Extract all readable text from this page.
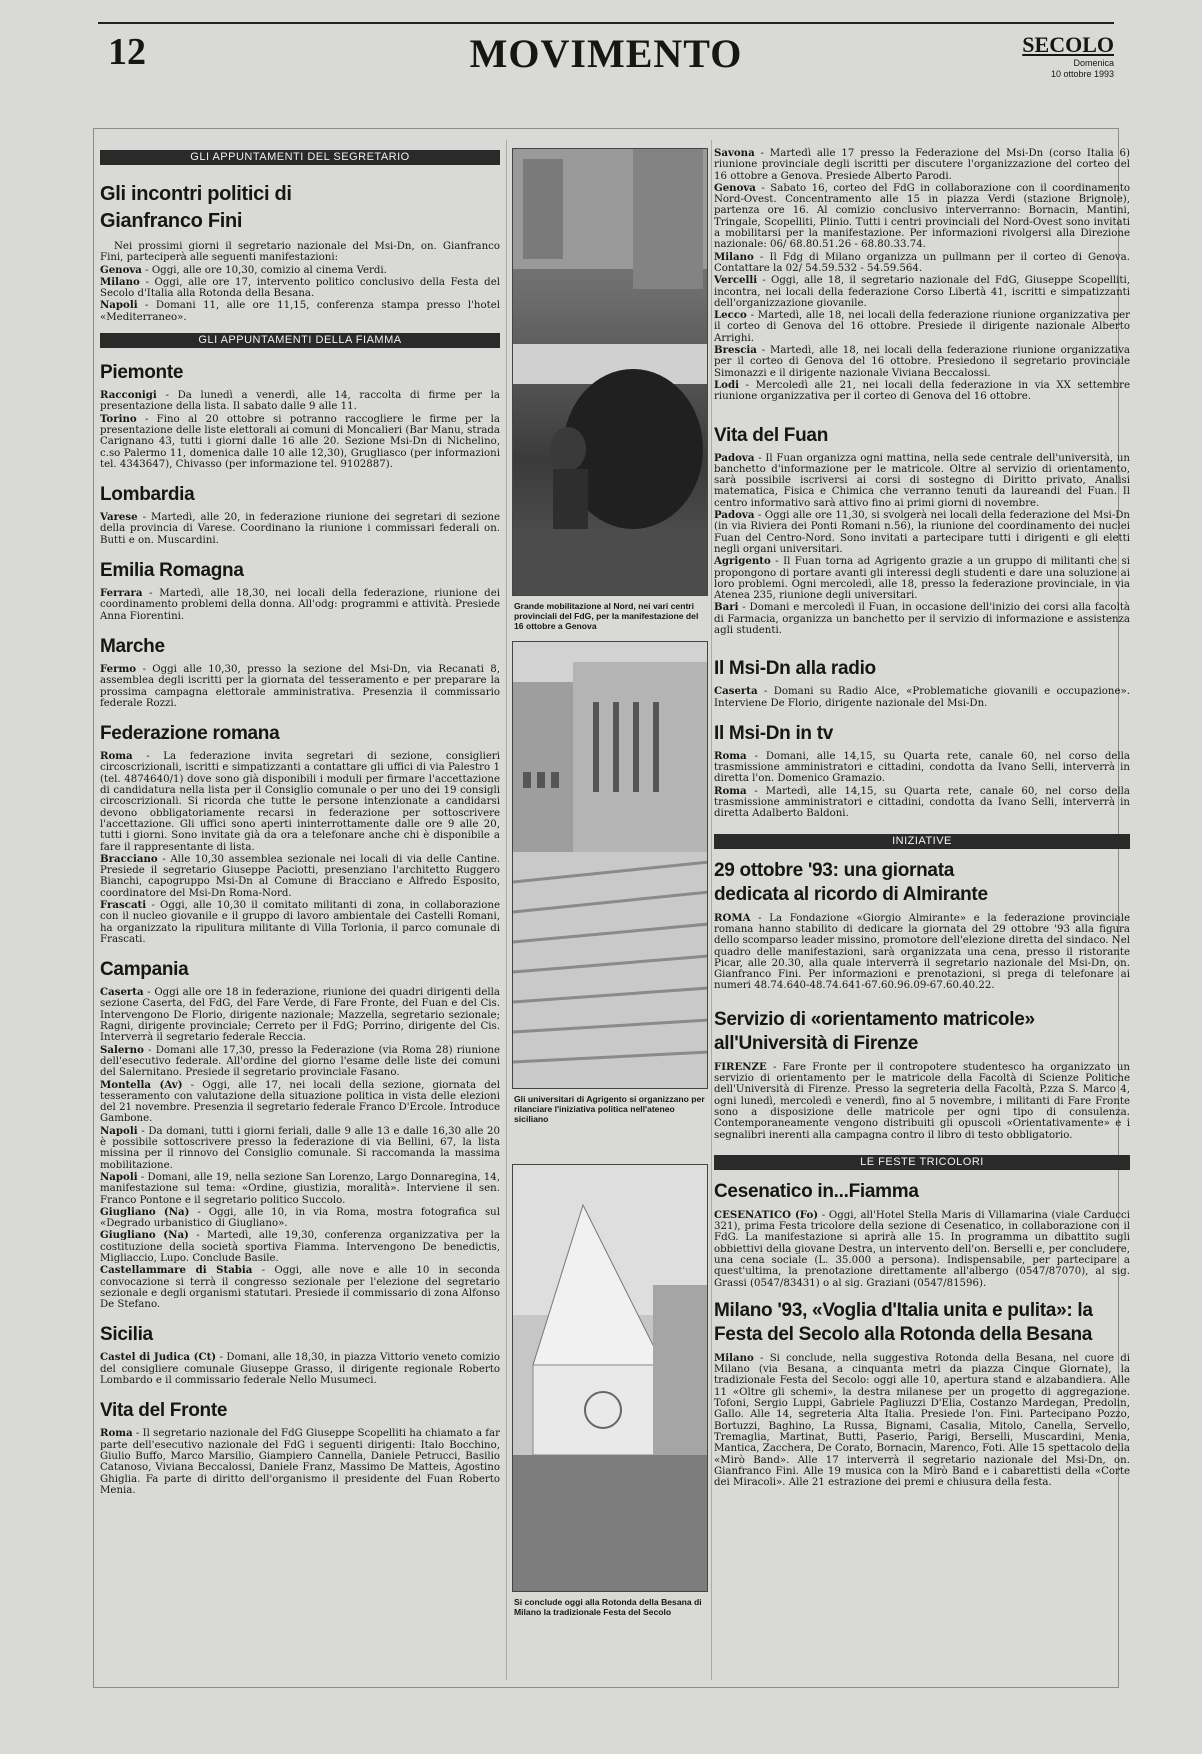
12	MOVIMENTO	SECOLO
Domenica
10 ottobre 1993
GLI APPUNTAMENTI DEL SEGRETARIO
Gli incontri politici di Gianfranco Fini

Nei prossimi giorni il segretario nazionale del Msi-Dn, on. Gianfranco Fini, parteciperà alle seguenti manifestazioni:

Genova - Oggi, alle ore 10,30, comizio al cinema Verdi.

Milano - Oggi, alle ore 17, intervento politico conclusivo della Festa del Secolo d'Italia alla Rotonda della Besana.

Napoli - Domani 11, alle ore 11,15, conferenza stampa presso l'hotel «Mediterraneo».

GLI APPUNTAMENTI DELLA FIAMMA
Piemonte

Racconigi - Da lunedì a venerdì, alle 14, raccolta di firme per la presentazione della lista. Il sabato dalle 9 alle 11.

Torino - Fino al 20 ottobre si potranno raccogliere le firme per la presentazione delle liste elettorali ai comuni di Moncalieri (Bar Manu, strada Carignano 43, tutti i giorni dalle 16 alle 20. Sezione Msi-Dn di Nichelino, c.so Palermo 11, domenica dalle 10 alle 12,30), Grugliasco (per informazioni tel. 4343647), Chivasso (per informazione tel. 9102887).

Lombardia

Varese - Martedì, alle 20, in federazione riunione dei segretari di sezione della provincia di Varese. Coordinano la riunione i commissari federali on. Butti e on. Muscardini.

Emilia Romagna

Ferrara - Martedì, alle 18,30, nei locali della federazione, riunione dei coordinamento problemi della donna. All'odg: programmi e attività. Presiede Anna Fiorentini.

Marche

Fermo - Oggi alle 10,30, presso la sezione del Msi-Dn, via Recanati 8, assemblea degli iscritti per la giornata del tesseramento e per preparare la prossima campagna elettorale amministrativa. Presenzia il commissario federale Rozzi.

Federazione romana

Roma - La federazione invita segretari di sezione, consiglieri circoscrizionali, iscritti e simpatizzanti a contattare gli uffici di via Palestro 1 (tel. 4874640/1) dove sono già disponibili i moduli per firmare l'accettazione di candidatura nella lista per il Consiglio comunale o per uno dei 19 consigli circoscrizionali. Si ricorda che tutte le persone intenzionate a candidarsi devono obbligatoriamente recarsi in federazione per sottoscrivere l'accettazione. Gli uffici sono aperti ininterrottamente dalle ore 9 alle 20, tutti i giorni. Sono invitate già da ora a telefonare anche chi è disponibile a fare il rappresentante di lista.

Bracciano - Alle 10,30 assemblea sezionale nei locali di via delle Cantine. Presiede il segretario Giuseppe Paciotti, presenziano l'architetto Ruggero Bianchi, capogruppo Msi-Dn al Comune di Bracciano e Alfredo Esposito, coordinatore del Msi-Dn Roma-Nord.

Frascati - Oggi, alle 10,30 il comitato militanti di zona, in collaborazione con il nucleo giovanile e il gruppo di lavoro ambientale dei Castelli Romani, ha organizzato la ripulitura militante di Villa Torlonia, il parco comunale di Frascati.

Campania

Caserta - Oggi alle ore 18 in federazione, riunione dei quadri dirigenti della sezione Caserta, del FdG, del Fare Verde, di Fare Fronte, del Fuan e del Cis. Intervengono De Florio, dirigente nazionale; Mazzella, segretario sezionale; Ragni, dirigente provinciale; Cerreto per il FdG; Porrino, dirigente del Cis. Interverrà il segretario federale Reccia.

Salerno - Domani alle 17,30, presso la Federazione (via Roma 28) riunione dell'esecutivo federale. All'ordine del giorno l'esame delle liste dei comuni del Salernitano. Presiede il segretario provinciale Fasano.

Montella (Av) - Oggi, alle 17, nei locali della sezione, giornata del tesseramento con valutazione della situazione politica in vista delle elezioni del 21 novembre. Presenzia il segretario federale Franco D'Ercole. Introduce Gambone.

Napoli - Da domani, tutti i giorni feriali, dalle 9 alle 13 e dalle 16,30 alle 20 è possibile sottoscrivere presso la federazione di via Bellini, 67, la lista missina per il rinnovo del Consiglio comunale. Si raccomanda la massima mobilitazione.

Napoli - Domani, alle 19, nella sezione San Lorenzo, Largo Donnaregina, 14, manifestazione sul tema: «Ordine, giustizia, moralità». Interviene il sen. Franco Pontone e il segretario politico Succolo.

Giugliano (Na) - Oggi, alle 10, in via Roma, mostra fotografica sul «Degrado urbanistico di Giugliano».

Giugliano (Na) - Martedì, alle 19,30, conferenza organizzativa per la costituzione della società sportiva Fiamma. Intervengono De benedictis, Migliaccio, Lupo. Conclude Basile.

Castellammare di Stabia - Oggi, alle nove e alle 10 in seconda convocazione si terrà il congresso sezionale per l'elezione del segretario sezionale e degli organismi statutari. Presiede il commissario di zona Alfonso De Stefano.

Sicilia

Castel di Judica (Ct) - Domani, alle 18,30, in piazza Vittorio veneto comizio del consigliere comunale Giuseppe Grasso, il dirigente regionale Roberto Lombardo e il commissario federale Nello Musumeci.

Vita del Fronte

Roma - Il segretario nazionale del FdG Giuseppe Scopelliti ha chiamato a far parte dell'esecutivo nazionale del FdG i seguenti dirigenti: Italo Bocchino, Giulio Buffo, Marco Marsilio, Giampiero Cannella, Daniele Petrucci, Basilio Catanoso, Viviana Beccalossi, Daniele Franz, Massimo De Matteis, Agostino Ghiglia. Fa parte di diritto dell'organismo il presidente del Fuan Roberto Menia.

Grande mobilitazione al Nord, nei vari centri provinciali del FdG, per la manifestazione del 16 ottobre a Genova
Gli universitari di Agrigento si organizzano per rilanciare l'iniziativa politica nell'ateneo siciliano
Si conclude oggi alla Rotonda della Besana di Milano la tradizionale Festa del Secolo

Savona - Martedì alle 17 presso la Federazione del Msi-Dn (corso Italia 6) riunione provinciale degli iscritti per discutere l'organizzazione del corteo del 16 ottobre a Genova. Presiede Alberto Parodi.

Genova - Sabato 16, corteo del FdG in collaborazione con il coordinamento Nord-Ovest. Concentramento alle 15 in piazza Verdi (stazione Brignole), partenza ore 16. Al comizio conclusivo interverranno: Bornacin, Mantini, Tringale, Scopelliti, Plinio. Tutti i centri provinciali del Nord-Ovest sono invitati a mobilitarsi per la manifestazione. Per informazioni rivolgersi alla Direzione nazionale: 06/ 68.80.51.26 - 68.80.33.74.

Milano - Il Fdg di Milano organizza un pullmann per il corteo di Genova. Contattare la 02/ 54.59.532 - 54.59.564.

Vercelli - Oggi, alle 18, il segretario nazionale del FdG, Giuseppe Scopelliti, incontra, nei locali della federazione Corso Libertà 41, iscritti e simpatizzanti dell'organizzazione giovanile.

Lecco - Martedì, alle 18, nei locali della federazione riunione organizzativa per il corteo di Genova del 16 ottobre. Presiede il dirigente nazionale Alberto Arrighi.

Brescia - Martedì, alle 18, nei locali della federazione riunione organizzativa per il corteo di Genova del 16 ottobre. Presiedono il segretario provinciale Simonazzi e il dirigente nazionale Viviana Beccalossi.

Lodi - Mercoledì alle 21, nei locali della federazione in via XX settembre riunione organizzativa per il corteo di Genova del 16 ottobre.

Vita del Fuan

Padova - Il Fuan organizza ogni mattina, nella sede centrale dell'università, un banchetto d'informazione per le matricole. Oltre al servizio di orientamento, sarà possibile iscriversi ai corsi di sostegno di Diritto privato, Analisi matematica, Fisica e Chimica che verranno tenuti da laureandi del Fuan. Il centro informativo sarà attivo fino ai primi giorni di novembre.

Padova - Oggi alle ore 11,30, si svolgerà nei locali della federazione del Msi-Dn (in via Riviera dei Ponti Romani n.56), la riunione del coordinamento dei nuclei Fuan del Centro-Nord. Sono invitati a partecipare tutti i dirigenti e gli eletti negli organi universitari.

Agrigento - Il Fuan torna ad Agrigento grazie a un gruppo di militanti che si propongono di portare avanti gli interessi degli studenti e dare una soluzione ai loro problemi. Ogni mercoledì, alle 18, presso la federazione provinciale, in via Atenea 235, riunione degli universitari.

Bari - Domani e mercoledì il Fuan, in occasione dell'inizio dei corsi alla facoltà di Farmacia, organizza un banchetto per il servizio di informazione e assistenza agli studenti.

Il Msi-Dn alla radio

Caserta - Domani su Radio Alce, «Problematiche giovanili e occupazione». Interviene De Florio, dirigente nazionale del Msi-Dn.

Il Msi-Dn in tv

Roma - Domani, alle 14,15, su Quarta rete, canale 60, nel corso della trasmissione amministratori e cittadini, condotta da Ivano Selli, interverrà in diretta l'on. Domenico Gramazio.

Roma - Martedì, alle 14,15, su Quarta rete, canale 60, nel corso della trasmissione amministratori e cittadini, condotta da Ivano Selli, interverrà in diretta Adalberto Baldoni.

INIZIATIVE
29 ottobre '93: una giornata dedicata al ricordo di Almirante

ROMA - La Fondazione «Giorgio Almirante» e la federazione provinciale romana hanno stabilito di dedicare la giornata del 29 ottobre '93 alla figura dello scomparso leader missino, promotore dell'elezione diretta del sindaco. Nel quadro delle manifestazioni, sarà organizzata una cena, presso il ristorante Picar, alle 20.30, alla quale interverrà il segretario nazionale del Msi-Dn, on. Gianfranco Fini. Per informazioni e prenotazioni, si prega di telefonare ai numeri 48.74.640-48.74.641-67.60.96.09-67.60.40.22.

Servizio di «orientamento matricole» all'Università di Firenze

FIRENZE - Fare Fronte per il contropotere studentesco ha organizzato un servizio di orientamento per le matricole della Facoltà di Scienze Politiche dell'Università di Firenze. Presso la segreteria della Facoltà, P.zza S. Marco 4, ogni lunedì, mercoledì e venerdì, fino al 5 novembre, i militanti di Fare Fronte sono a disposizione delle matricole per ogni tipo di consulenza. Contemporaneamente vengono distribuiti gli opuscoli «Orientativamente» e i segnalibri inerenti alla campagna contro il libro di testo obbligatorio.

LE FESTE TRICOLORI
Cesenatico in...Fiamma

CESENATICO (Fo) - Oggi, all'Hotel Stella Maris di Villamarina (viale Carducci 321), prima Festa tricolore della sezione di Cesenatico, in collaborazione con il FdG. La manifestazione si aprirà alle 15. In programma un dibattito sugli obbiettivi della giovane Destra, un intervento dell'on. Berselli e, per concludere, una cena sociale (L. 35.000 a persona). Indispensabile, per partecipare a quest'ultima, la prenotazione direttamente all'albergo (0547/87070), al sig. Grassi (0547/83431) o al sig. Graziani (0547/81596).

Milano '93, «Voglia d'Italia unita e pulita»: la Festa del Secolo alla Rotonda della Besana

Milano - Si conclude, nella suggestiva Rotonda della Besana, nel cuore di Milano (via Besana, a cinquanta metri da piazza Cinque Giornate), la tradizionale Festa del Secolo: oggi alle 10, apertura stand e alzabandiera. Alle 11 «Oltre gli schemi», la destra milanese per un progetto di aggregazione. Tofoni, Sergio Luppi, Gabriele Pagliuzzi D'Elia, Costanzo Mardegan, Predolin, Gallo. Alle 14, segreteria Alta Italia. Presiede l'on. Fini. Partecipano Pozzo, Bortuzzi, Baghino, La Russa, Bignami, Casalia, Mitolo, Canella, Servello, Tremaglia, Martinat, Butti, Paserio, Parigi, Berselli, Muscardini, Menia, Mantica, Zacchera, De Corato, Bornacin, Marenco, Foti. Alle 15 spettacolo della «Mirò Band». Alle 17 interverrà il segretario nazionale del Msi-Dn, on. Gianfranco Fini. Alle 19 musica con la Mirò Band e i cabarettisti della «Corte dei Miracoli». Alle 21 estrazione dei premi e chiusura della festa.
